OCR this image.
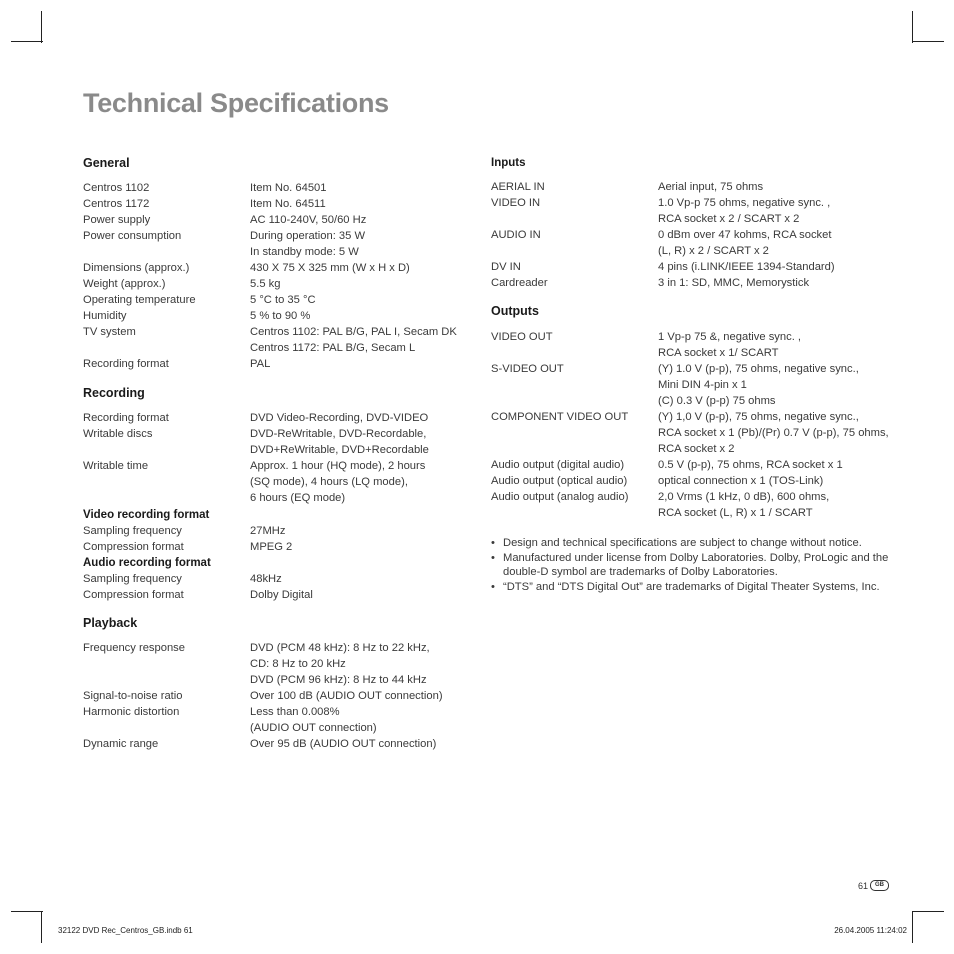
Technical Specifications
General
Centros 1102	Item No. 64501
Centros 1172	Item No. 64511
Power supply	AC 110-240V, 50/60 Hz
Power consumption	During operation: 35 W
In standby mode: 5 W
Dimensions (approx.)	430 X 75 X 325 mm (W x H x D)
Weight (approx.)	5.5 kg
Operating temperature	5 °C to 35 °C
Humidity	5 % to 90 %
TV system	Centros 1102: PAL B/G, PAL I, Secam DK
Centros 1172: PAL B/G, Secam L
Recording format	PAL
Recording
Recording format	DVD Video-Recording, DVD-VIDEO
Writable discs	DVD-ReWritable, DVD-Recordable,
DVD+ReWritable, DVD+Recordable
Writable time	Approx. 1 hour (HQ mode), 2 hours
(SQ mode), 4 hours (LQ mode),
6 hours (EQ mode)
Video recording format
Sampling frequency	27MHz
Compression format	MPEG 2
Audio recording format
Sampling frequency	48kHz
Compression format	Dolby Digital
Playback
Frequency response	DVD (PCM 48 kHz): 8 Hz to 22 kHz,
CD: 8 Hz to 20 kHz
DVD (PCM 96 kHz): 8 Hz to 44 kHz
Signal-to-noise ratio	Over 100 dB (AUDIO OUT connection)
Harmonic distortion	Less than 0.008%
(AUDIO OUT connection)
Dynamic range	Over 95 dB (AUDIO OUT connection)
Inputs
AERIAL IN	Aerial input, 75 ohms
VIDEO IN	1.0 Vp-p 75 ohms, negative sync. ,
RCA socket x 2 / SCART x 2
AUDIO IN	0 dBm over 47 kohms, RCA socket
(L, R) x 2 / SCART x 2
DV IN	4 pins (i.LINK/IEEE 1394-Standard)
Cardreader	3 in 1: SD, MMC, Memorystick
Outputs
VIDEO OUT	1 Vp-p 75 &, negative sync. ,
RCA socket x 1/ SCART
S-VIDEO OUT	(Y) 1.0 V (p-p), 75 ohms, negative sync.,
Mini DIN 4-pin x 1
(C) 0.3 V (p-p) 75 ohms
COMPONENT VIDEO OUT	(Y) 1,0 V (p-p), 75 ohms, negative sync.,
RCA socket x 1 (Pb)/(Pr) 0.7 V (p-p), 75 ohms,
RCA socket x 2
Audio output (digital audio)	0.5 V (p-p), 75 ohms, RCA socket x 1
Audio output (optical audio)	optical connection x 1 (TOS-Link)
Audio output (analog audio)	2,0 Vrms (1 kHz, 0 dB), 600 ohms,
RCA socket (L, R) x 1 / SCART

• Design and technical specifications are subject to change without notice.

• Manufactured under license from Dolby Laboratories. Dolby, ProLogic and the double-D symbol are trademarks of Dolby Laboratories.

• “DTS” and “DTS Digital Out” are trademarks of Digital Theater Systems, Inc.

61	GB
32122 DVD Rec_Centros_GB.indb 61	26.04.2005 11:24:02
